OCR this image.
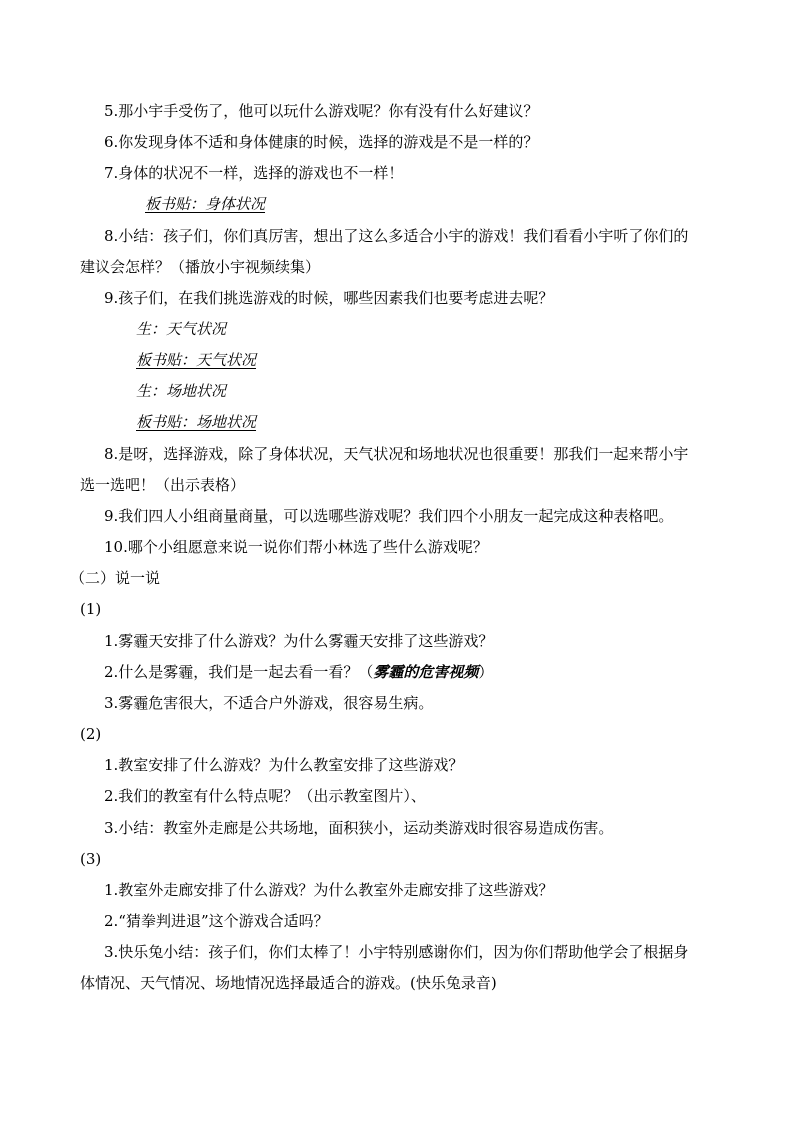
5.那小宇手受伤了，他可以玩什么游戏呢？你有没有什么好建议？
6.你发现身体不适和身体健康的时候，选择的游戏是不是一样的？
7.身体的状况不一样，选择的游戏也不一样！
板书贴：身体状况
8.小结：孩子们，你们真厉害，想出了这么多适合小宇的游戏！我们看看小宇听了你们的
建议会怎样？（播放小宇视频续集）
9.孩子们，在我们挑选游戏的时候，哪些因素我们也要考虑进去呢？
生：天气状况
板书贴：天气状况
生：场地状况
板书贴：场地状况
8.是呀，选择游戏，除了身体状况，天气状况和场地状况也很重要！那我们一起来帮小宇
选一选吧！（出示表格）
9.我们四人小组商量商量，可以选哪些游戏呢？我们四个小朋友一起完成这种表格吧。
10.哪个小组愿意来说一说你们帮小林选了些什么游戏呢？
（二）说一说
(1)
1.雾霾天安排了什么游戏？为什么雾霾天安排了这些游戏？
2.什么是雾霾，我们是一起去看一看？（雾霾的危害视频）
3.雾霾危害很大，不适合户外游戏，很容易生病。
(2)
1.教室安排了什么游戏？为什么教室安排了这些游戏？
2.我们的教室有什么特点呢？（出示教室图片）、
3.小结：教室外走廊是公共场地，面积狭小，运动类游戏时很容易造成伤害。
(3)
1.教室外走廊安排了什么游戏？为什么教室外走廊安排了这些游戏？
2.“猜拳判进退”这个游戏合适吗？
3.快乐兔小结：孩子们，你们太棒了！小宇特别感谢你们，因为你们帮助他学会了根据身
体情况、天气情况、场地情况选择最适合的游戏。(快乐兔录音)
